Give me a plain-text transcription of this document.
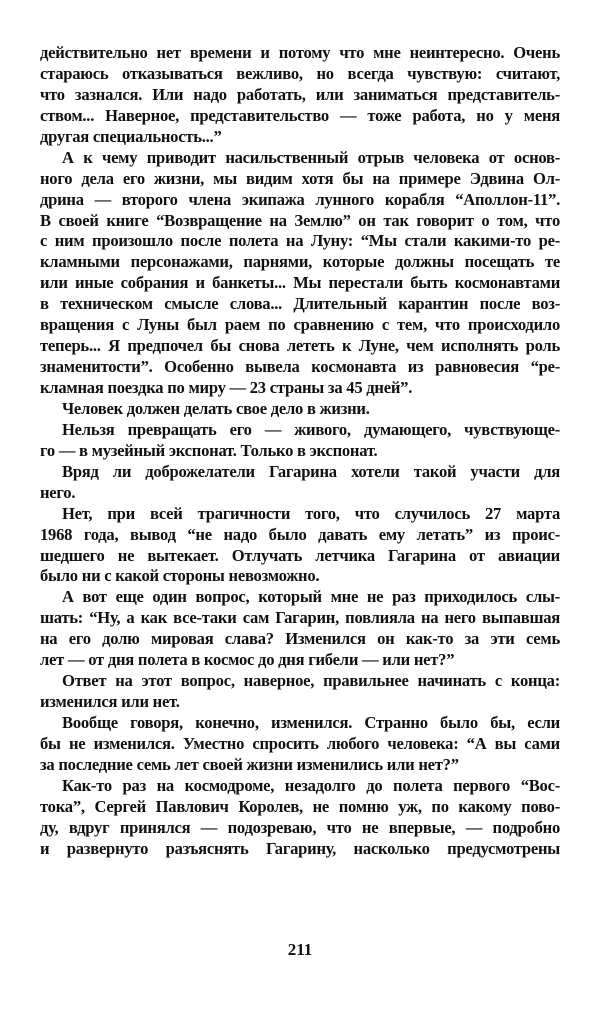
действительно нет времени и потому что мне неинтересно. Очень
стараюсь отказываться вежливо, но всегда чувствую: считают,
что зазнался. Или надо работать, или заниматься представитель-
ством... Наверное, представительство — тоже работа, но у меня
другая специальность...”
А к чему приводит насильственный отрыв человека от основ-
ного дела его жизни, мы видим хотя бы на примере Эдвина Ол-
дрина — второго члена экипажа лунного корабля “Аполлон-11”.
В своей книге “Возвращение на Землю” он так говорит о том, что
с ним произошло после полета на Луну: “Мы стали какими-то ре-
кламными персонажами, парнями, которые должны посещать те
или иные собрания и банкеты... Мы перестали быть космонавтами
в техническом смысле слова... Длительный карантин после воз-
вращения с Луны был раем по сравнению с тем, что происходило
теперь... Я предпочел бы снова лететь к Луне, чем исполнять роль
знаменитости”. Особенно вывела космонавта из равновесия “ре-
кламная поездка по миру — 23 страны за 45 дней”.
Человек должен делать свое дело в жизни.
Нельзя превращать его — живого, думающего, чувствующе-
го — в музейный экспонат. Только в экспонат.
Вряд ли доброжелатели Гагарина хотели такой участи для
него.
Нет, при всей трагичности того, что случилось 27 марта
1968 года, вывод “не надо было давать ему летать” из проис-
шедшего не вытекает. Отлучать летчика Гагарина от авиации
было ни с какой стороны невозможно.
А вот еще один вопрос, который мне не раз приходилось слы-
шать: “Ну, а как все-таки сам Гагарин, повлияла на него выпавшая
на его долю мировая слава? Изменился он как-то за эти семь
лет — от дня полета в космос до дня гибели — или нет?”
Ответ на этот вопрос, наверное, правильнее начинать с конца:
изменился или нет.
Вообще говоря, конечно, изменился. Странно было бы, если
бы не изменился. Уместно спросить любого человека: “А вы сами
за последние семь лет своей жизни изменились или нет?”
Как-то раз на космодроме, незадолго до полета первого “Вос-
тока”, Сергей Павлович Королев, не помню уж, по какому пово-
ду, вдруг принялся — подозреваю, что не впервые, — подробно
и развернуто разъяснять Гагарину, насколько предусмотрены
211
